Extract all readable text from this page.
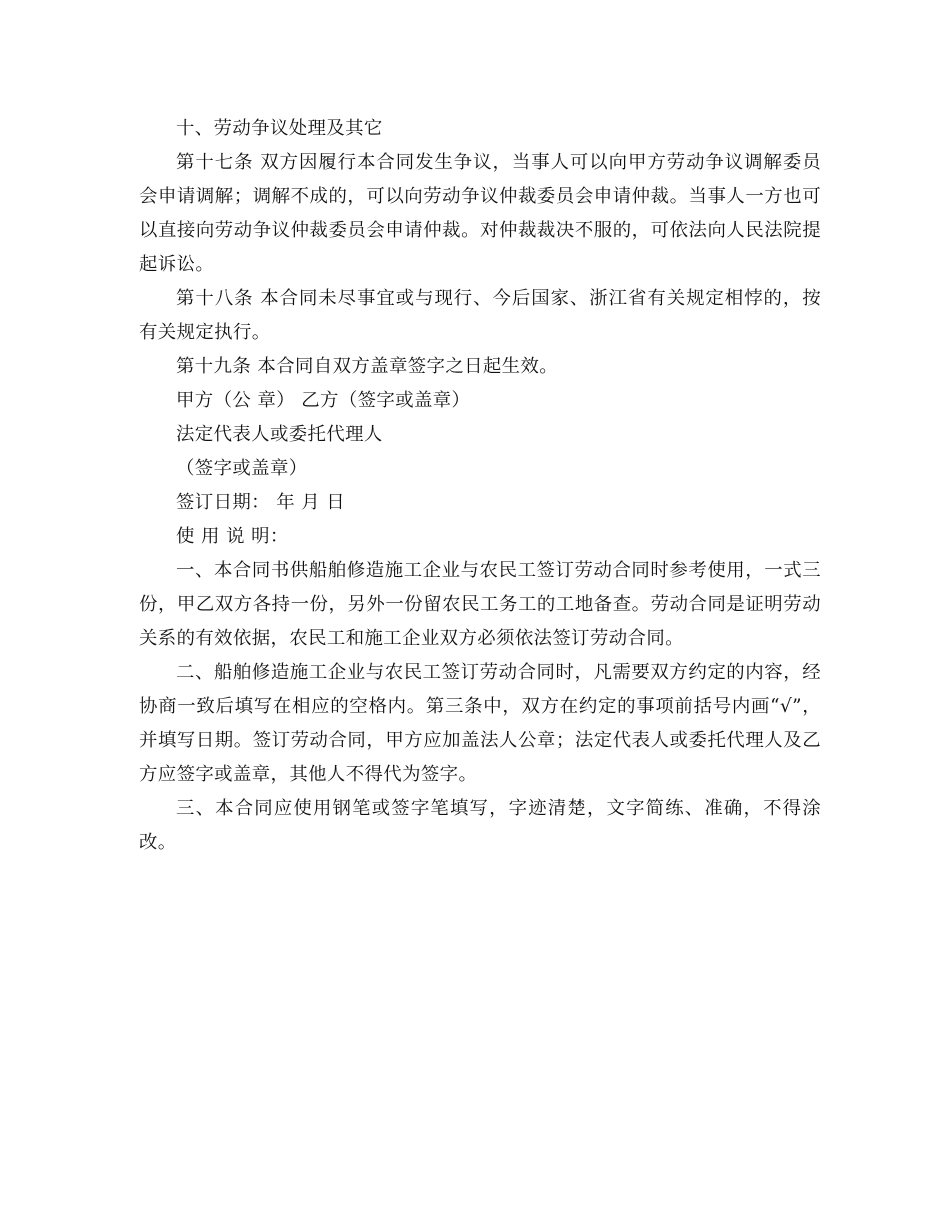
十、劳动争议处理及其它

第十七条 双方因履行本合同发生争议，当事人可以向甲方劳动争议调解委员会申请调解；调解不成的，可以向劳动争议仲裁委员会申请仲裁。当事人一方也可以直接向劳动争议仲裁委员会申请仲裁。对仲裁裁决不服的，可依法向人民法院提起诉讼。

第十八条 本合同未尽事宜或与现行、今后国家、浙江省有关规定相悖的，按有关规定执行。

第十九条 本合同自双方盖章签字之日起生效。

甲方（公 章） 乙方（签字或盖章）

法定代表人或委托代理人

（签字或盖章）

签订日期： 年 月 日

使 用 说 明：

一、本合同书供船舶修造施工企业与农民工签订劳动合同时参考使用，一式三份，甲乙双方各持一份，另外一份留农民工务工的工地备查。劳动合同是证明劳动关系的有效依据，农民工和施工企业双方必须依法签订劳动合同。

二、船舶修造施工企业与农民工签订劳动合同时，凡需要双方约定的内容，经协商一致后填写在相应的空格内。第三条中，双方在约定的事项前括号内画“√”，并填写日期。签订劳动合同，甲方应加盖法人公章；法定代表人或委托代理人及乙方应签字或盖章，其他人不得代为签字。

三、本合同应使用钢笔或签字笔填写，字迹清楚，文字简练、准确，不得涂改。
